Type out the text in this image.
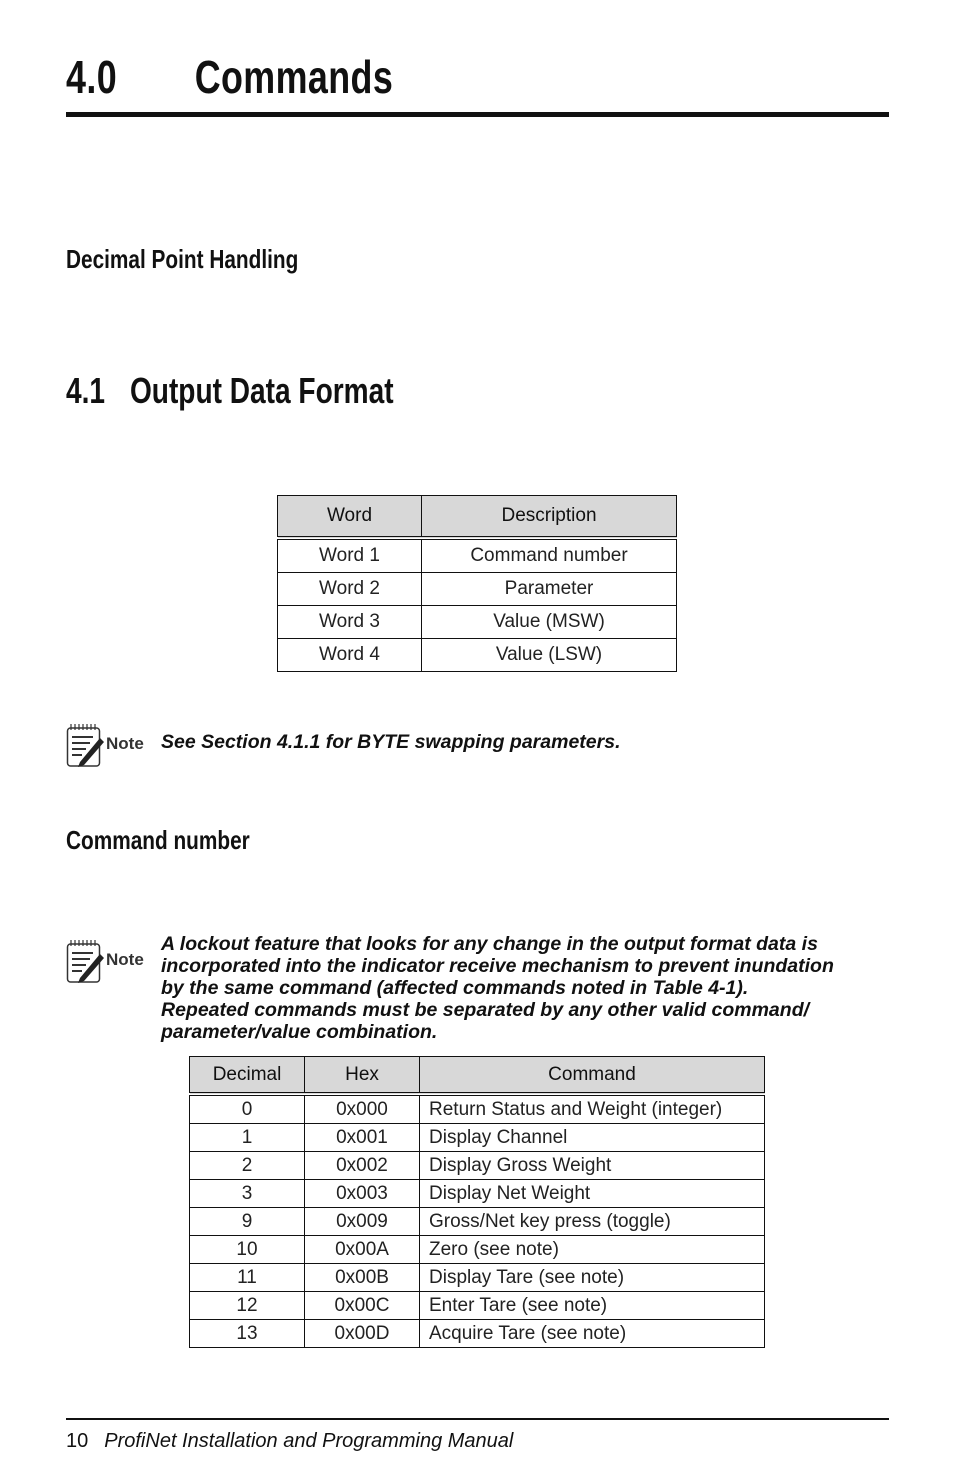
4.0 Commands
Decimal Point Handling
4.1 Output Data Format
Word	Description
Word 1	Command number
Word 2	Parameter
Word 3	Value (MSW)
Word 4	Value (LSW)
Note See Section 4.1.1 for BYTE swapping parameters.
Command number
Note
A lockout feature that looks for any change in the output format data is
incorporated into the indicator receive mechanism to prevent inundation
by the same command (affected commands noted in Table 4-1).
Repeated commands must be separated by any other valid command/
parameter/value combination.
Decimal	Hex	Command
0	0x000	Return Status and Weight (integer)
1	0x001	Display Channel
2	0x002	Display Gross Weight
3	0x003	Display Net Weight
9	0x009	Gross/Net key press (toggle)
10	0x00A	Zero (see note)
11	0x00B	Display Tare (see note)
12	0x00C	Enter Tare (see note)
13	0x00D	Acquire Tare (see note)
10 ProfiNet Installation and Programming Manual
